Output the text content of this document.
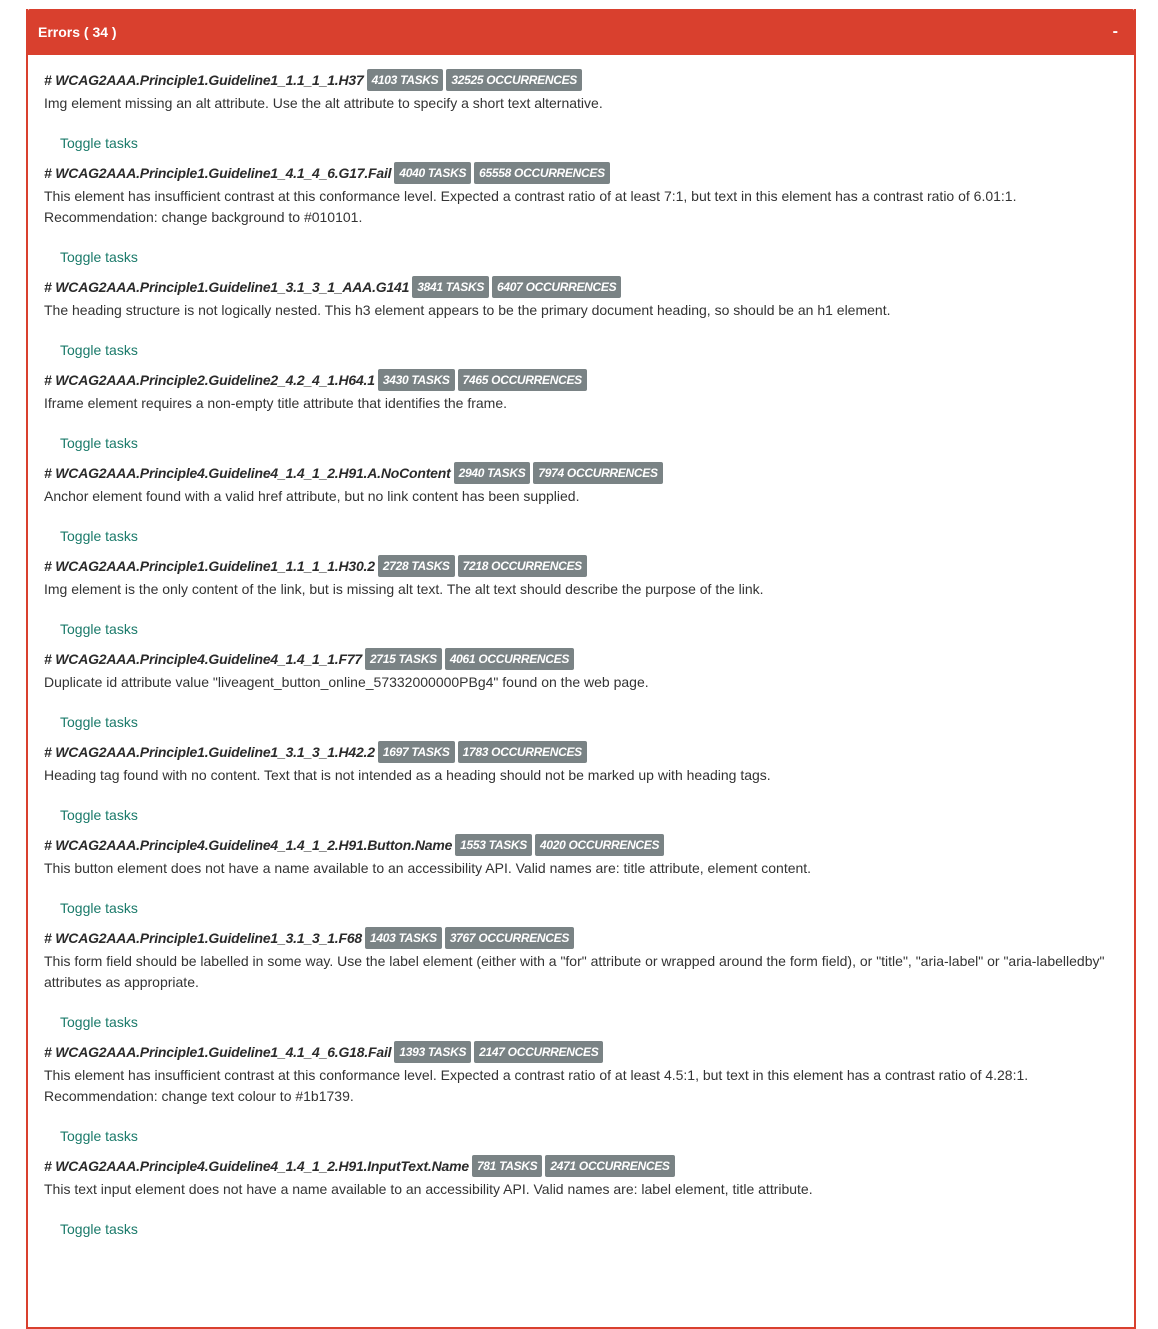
Errors ( 34 )	-
# WCAG2AAA.Principle1.Guideline1_1.1_1_1.H37 4103 TASKS	32525 OCCURRENCES
Img element missing an alt attribute. Use the alt attribute to specify a short text alternative.
Toggle tasks
# WCAG2AAA.Principle1.Guideline1_4.1_4_6.G17.Fail 4040 TASKS	65558 OCCURRENCES
This element has insufficient contrast at this conformance level. Expected a contrast ratio of at least 7:1, but text in this element has a contrast ratio of 6.01:1. Recommendation: change background to #010101.
Toggle tasks
# WCAG2AAA.Principle1.Guideline1_3.1_3_1_AAA.G141 3841 TASKS	6407 OCCURRENCES
The heading structure is not logically nested. This h3 element appears to be the primary document heading, so should be an h1 element.
Toggle tasks
# WCAG2AAA.Principle2.Guideline2_4.2_4_1.H64.1 3430 TASKS	7465 OCCURRENCES
Iframe element requires a non-empty title attribute that identifies the frame.
Toggle tasks
# WCAG2AAA.Principle4.Guideline4_1.4_1_2.H91.A.NoContent 2940 TASKS	7974 OCCURRENCES
Anchor element found with a valid href attribute, but no link content has been supplied.
Toggle tasks
# WCAG2AAA.Principle1.Guideline1_1.1_1_1.H30.2 2728 TASKS	7218 OCCURRENCES
Img element is the only content of the link, but is missing alt text. The alt text should describe the purpose of the link.
Toggle tasks
# WCAG2AAA.Principle4.Guideline4_1.4_1_1.F77 2715 TASKS	4061 OCCURRENCES
Duplicate id attribute value "liveagent_button_online_57332000000PBg4" found on the web page.
Toggle tasks
# WCAG2AAA.Principle1.Guideline1_3.1_3_1.H42.2 1697 TASKS	1783 OCCURRENCES
Heading tag found with no content. Text that is not intended as a heading should not be marked up with heading tags.
Toggle tasks
# WCAG2AAA.Principle4.Guideline4_1.4_1_2.H91.Button.Name 1553 TASKS	4020 OCCURRENCES
This button element does not have a name available to an accessibility API. Valid names are: title attribute, element content.
Toggle tasks
# WCAG2AAA.Principle1.Guideline1_3.1_3_1.F68 1403 TASKS	3767 OCCURRENCES
This form field should be labelled in some way. Use the label element (either with a "for" attribute or wrapped around the form field), or "title", "aria-label" or "aria-labelledby" attributes as appropriate.
Toggle tasks
# WCAG2AAA.Principle1.Guideline1_4.1_4_6.G18.Fail 1393 TASKS	2147 OCCURRENCES
This element has insufficient contrast at this conformance level. Expected a contrast ratio of at least 4.5:1, but text in this element has a contrast ratio of 4.28:1. Recommendation: change text colour to #1b1739.
Toggle tasks
# WCAG2AAA.Principle4.Guideline4_1.4_1_2.H91.InputText.Name 781 TASKS	2471 OCCURRENCES
This text input element does not have a name available to an accessibility API. Valid names are: label element, title attribute.
Toggle tasks
